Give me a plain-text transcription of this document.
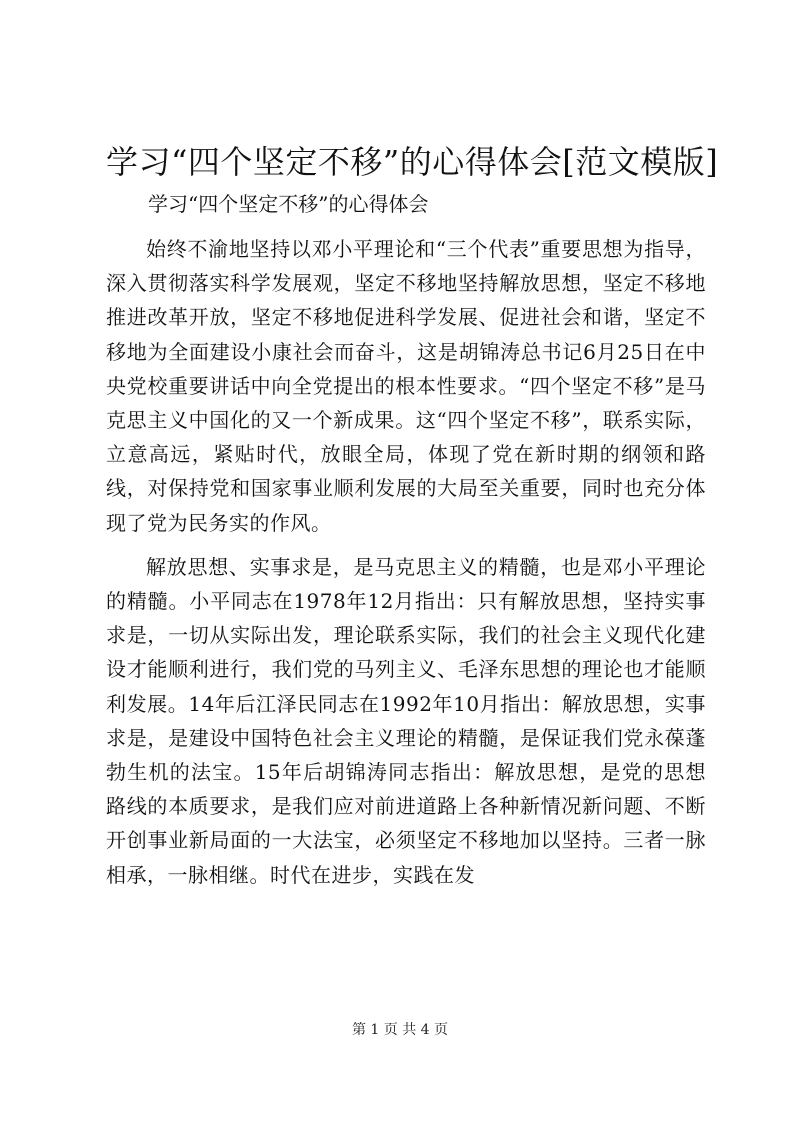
学习“四个坚定不移”的心得体会[范文模版]

学习“四个坚定不移”的心得体会

始终不渝地坚持以邓小平理论和“三个代表”重要思想为指导，深入贯彻落实科学发展观，坚定不移地坚持解放思想，坚定不移地推进改革开放，坚定不移地促进科学发展、促进社会和谐，坚定不移地为全面建设小康社会而奋斗，这是胡锦涛总书记6月25日在中央党校重要讲话中向全党提出的根本性要求。“四个坚定不移”是马克思主义中国化的又一个新成果。这“四个坚定不移”，联系实际，立意高远，紧贴时代，放眼全局，体现了党在新时期的纲领和路线，对保持党和国家事业顺利发展的大局至关重要，同时也充分体现了党为民务实的作风。

解放思想、实事求是，是马克思主义的精髓，也是邓小平理论的精髓。小平同志在1978年12月指出：只有解放思想，坚持实事求是，一切从实际出发，理论联系实际，我们的社会主义现代化建设才能顺利进行，我们党的马列主义、毛泽东思想的理论也才能顺利发展。14年后江泽民同志在1992年10月指出：解放思想，实事求是，是建设中国特色社会主义理论的精髓，是保证我们党永葆蓬勃生机的法宝。15年后胡锦涛同志指出：解放思想，是党的思想路线的本质要求，是我们应对前进道路上各种新情况新问题、不断开创事业新局面的一大法宝，必须坚定不移地加以坚持。三者一脉相承，一脉相继。时代在进步，实践在发

第 1 页 共 4 页
